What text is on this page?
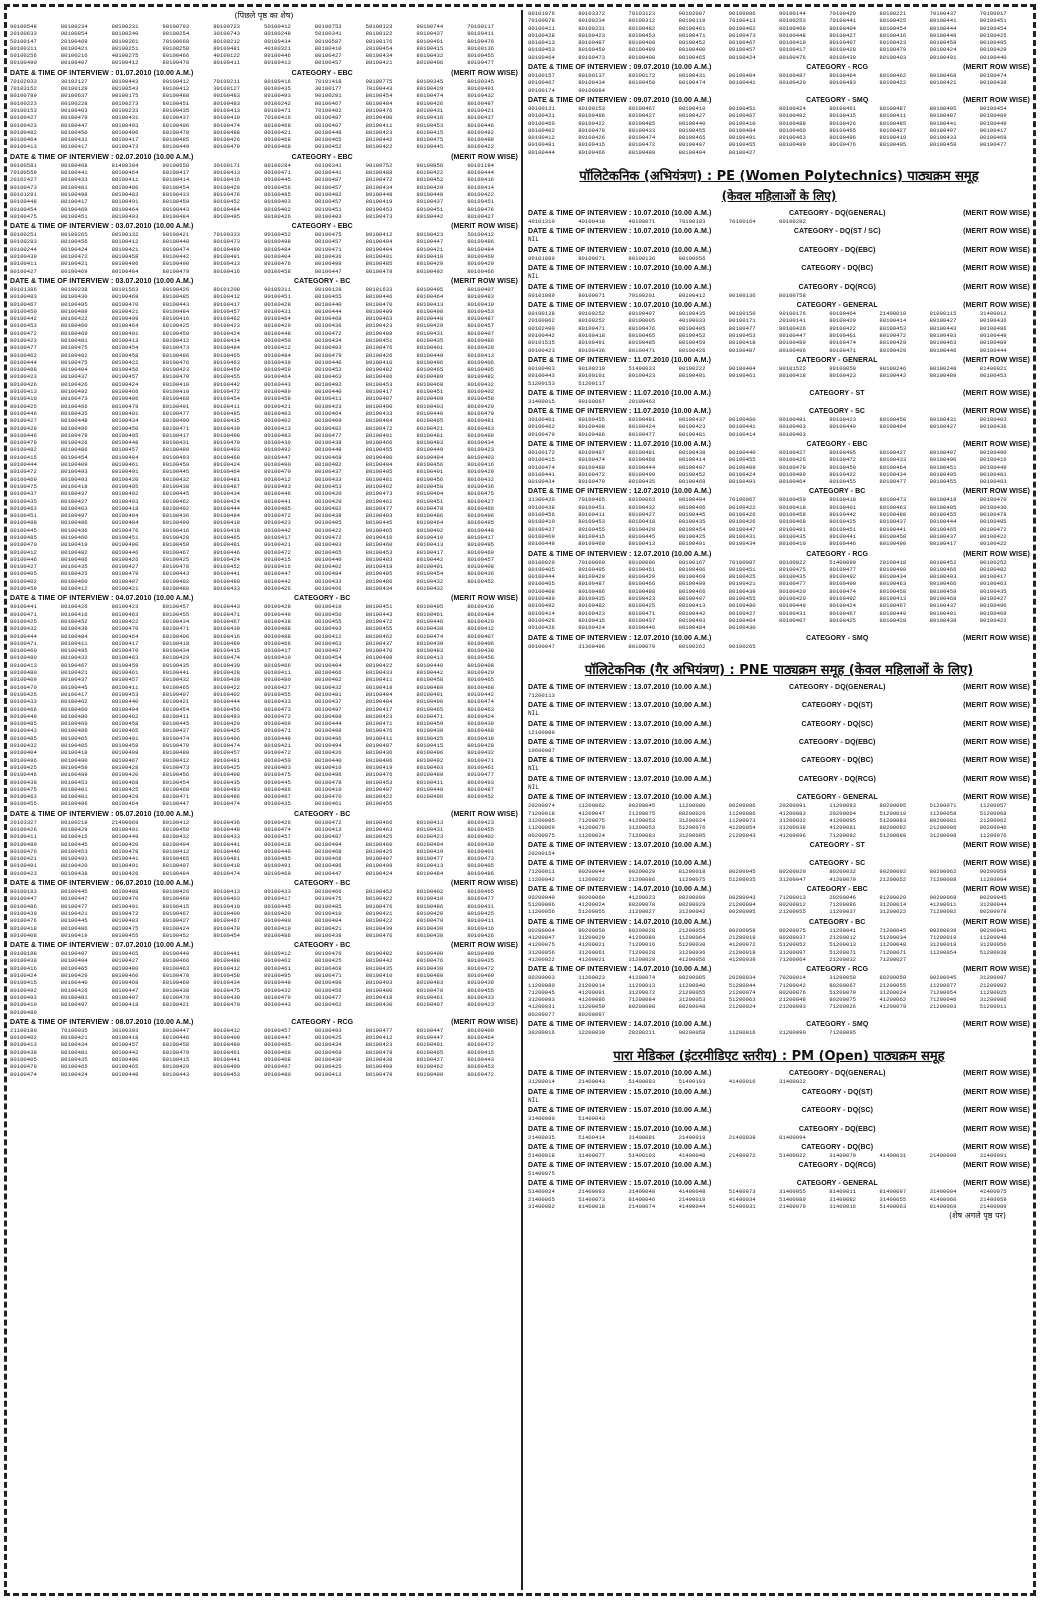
(पिछले पृष्ठ का शेष)
90100548	80100234	80100231	90100793	80100723	50100412	80100753	50100123	90100744	70100117
20100633	90100854	80100240	90100254	30100743	80100248	50100341	80100122	80100437	80100411
50100147	20100469	80100261	70100668	80100212	90100434	80100587	80100176	80100461	80100476
80100311	80100421	80100251	80100258	80100481	40100321	80100410	20100454	80100415	80100136
60100256	80100216	40100275	80100466	40100122	80100446	80100427	80100434	80100432	80100455
80100490	80100407	80100412	80100478	80100411	80100413	80100457	80100421	80100406	80100477
DATE & TIME OF INTERVIEW : 01.07.2010 (10.00 A.M.)	CATEGORY - EBC	(MERIT ROW WISE)
70102033	30102127	80100443	90100412	70100211	80100416	70101418	90100775	80100345	80100345
70103152	80100129	80100543	80100412	30100127	80100435	30100177	70100443	80100429	80100491
80100789	80100637	90100175	80100488	90100483	80100493	90100291	80100454	80100474	80100432
80100223	80100228	80100273	80100451	80100483	80100242	80100467	80100484	80100426	80100497
30100153	90100403	80100233	80100435	80100413	80100471	70100402	80100476	80100431	80100421
80100427	80100479	80100431	80100437	80100419	70100416	80100487	80100490	80100416	80100437
80100423	80100447	80100493	80100496	80100474	80100468	80100407	80100411	80100453	80100446
80100482	80100450	80100496	80100478	80100488	80100421	80100449	80100423	80100415	80100492
80100464	80100431	80100417	80100485	80100426	80100468	80100465	80100442	80100475	80100488
80100413	80100417	80100473	80100449	80100479	80100468	80100452	80100422	80100445	80100422
DATE & TIME OF INTERVIEW : 02.07.2010 (10.00 A.M.)	CATEGORY - EBC	(MERIT ROW WISE)
90100581	90100468	81400304	90100658	30100171	80100284	60100341	90100752	90100856	90101184
70100559	80100441	80100464	80100417	90100413	80100471	80100441	80100488	80100422	80100444
20102427	80100433	80100411	80100414	80100416	80100445	80100487	80100472	80100452	80100416
80100473	80100481	80100486	80100454	80100428	80100456	80100457	80100434	80100420	80100414
80101291	80100408	80100483	80100433	80100476	80100485	80100482	80100448	80100448	80100422
80100448	80100417	80100491	80100459	80100452	80100403	80100457	80100419	80100437	80100451
80100454	80100469	80100464	80100443	80100484	80100402	80100451	80100453	80100451	80100476
80100475	80100451	80100403	80100484	80100495	80100426	80100403	80100473	80100442	80100427
DATE & TIME OF INTERVIEW : 03.07.2010 (10.00 A.M.)	CATEGORY - EBC	(MERIT ROW WISE)
80100251	80100265	80100132	90100421	70100333	90100452	80100475	80100412	80100423	50100412
80100283	80100456	80100412	80100448	80100473	80100498	80100457	80100494	80100447	80100486
80100244	80100424	80100421	80100474	80100489	80100484	80100471	80100404	80100421	80100484
80100439	80100472	80100458	80100442	80100491	80100404	80100436	80100491	80100418	80100469
80100411	80100421	80100406	80100490	80100413	80100476	80100499	80100485	80100429	80100429
80100427	80100469	80100484	80100479	80100416	80100458	80100447	80100478	80100492	80100466
DATE & TIME OF INTERVIEW : 03.07.2010 (10.00 A.M.)	CATEGORY - BC	(MERIT ROW WISE)
80101386	90100238	80101563	80100426	80101208	90100311	80100128	80101633	80100495	80100407
80100483	80100430	80100468	80100485	80100412	80100451	80100455	80100446	80100464	80100483
80100467	80100495	80100470	80100443	80100417	80100428	80100440	80100470	80100413	80100419
80100450	80100489	80100421	80100484	80100457	80100431	80100444	80100409	80100498	80100453
80100442	80100422	80100499	80100416	80100462	80100464	80100468	80100463	80100448	80100487
80100453	80100460	80100464	80100425	80100423	80100429	80100436	80100423	80100429	80100457
80100472	80100469	80100401	80100459	80100424	80100448	80100472	80100489	80100431	80100407
80100423	80100481	80100413	80100412	80100414	80100450	80100434	80100451	80100435	80100486
80100477	80100475	80100454	80100473	80100484	80100412	80100493	80100476	80100401	80100428
80100462	80100402	80100458	80100486	80100465	80100484	80100479	80100426	80100440	80100413
80100444	80100475	80100422	80100476	80100463	80100439	80100446	80100410	80100496	80100406
80100488	80100404	80100456	80100423	80100459	80100459	80100453	80100482	80100465	80100405
80100423	80100437	80100457	80100470	80100455	80100464	80100463	80100496	80100489	80100482
80100426	80100426	80100424	80100410	80100442	80100443	80100492	80100453	80100460	80100432
80100413	80100492	80100466	80100419	80100472	80100489	80100440	80100417	80100451	80100402
80100410	80100473	80100406	80100468	80100454	80100458	80100411	80100487	80100409	80100458
80100425	80100466	80100479	80100491	80100411	80100421	80100423	80100490	80100403	80100429
80100446	80100435	80100481	80100477	80100485	80100403	80100464	80100433	80100440	80100479
80100427	80100448	80100434	80100499	80100435	80100402	80100409	80100484	80100465	80100481
80100429	80100496	80100450	80100471	80100439	80100413	80100482	80100472	80100421	80100463
80100446	80100479	80100405	80100417	80100498	80100483	80100477	80100401	80100481	80100490
80100479	80100426	80100448	80100431	80100479	80100430	80100438	80100466	80100483	80100434
80100482	80100486	80100457	80100489	80100403	80100492	80100448	80100455	80100449	80100423
80100415	80100454	80100484	80100493	80100468	80100447	80100469	80100480	80100494	80100403
80100444	80100409	80100461	80100459	80100424	80100490	80100482	80100404	80100456	80100416
80100472	80100493	80100491	80100445	80100464	80100470	80100437	80100405	80100491	80100420
80100469	80100493	80100420	80100432	80100481	80100412	80100433	80100481	80100456	80100432
80100475	80100418	80100485	80100438	80100487	80100493	80100453	80100462	80100458	80100436
80100437	80100437	80100492	80100445	80100434	80100446	80100420	80100473	80100404	80100475
80100435	80100427	80100403	80100462	80100424	80100441	80100429	80100461	80100451	80100427
80100463	80100463	80100418	80100492	80100444	80100485	80100482	80100477	80100470	80100466
80100451	80100497	80100484	80100436	80100484	80100472	80100438	80100403	80100486	80100496
80100498	80100406	80100484	80100499	80100418	80100423	80100405	80100445	80100464	80100495
80100445	80100436	80100476	80100416	80100418	80100442	80100422	80100465	80100402	80100448
80100485	80100460	80100451	80100428	80100465	80100417	80100472	80100410	80100410	80100417
80100470	80100419	80100480	80100459	80100481	80100421	80100403	80100460	80100413	80100495
80100412	80100482	80100446	80100467	80100446	80100472	80100465	80100453	80100417	80100460
80100446	80100406	80100426	80100425	80100424	80100415	80100440	80100483	80100442	80100457
80100427	80100435	80100427	80100478	80100452	80100416	80100402	80100418	80100491	80100408
80100405	80100425	80100479	80100443	80100441	80100447	80100484	80100495	80100454	80100436
80100402	80100460	80100487	80100402	80100480	80100442	80100433	80100486	80100432	80100452
80100459	80100412	80100421	80100480	80100433	80100426	80100466	80100434	80100432
DATE & TIME OF INTERVIEW : 04.07.2010 (10.00 A.M.)	CATEGORY - BC	(MERIT ROW WISE)
90100441	80100426	80100423	80100457	80100443	80100428	80100419	80100451	80100495	80100436
80100471	80100416	80100463	80100455	80100471	80100449	80100450	80100443	80100461	80100484
80100425	80100452	80100422	80100434	80100467	80100438	80100455	80100472	80100446	80100420
80100432	80100439	80100470	80100471	80100439	80100488	80100493	80100455	80100439	80100412
80100444	80100484	80100464	80100406	80100416	80100488	80100412	80100462	80100474	80100407
80100471	80100411	80100417	80100418	80100480	80100466	80100463	80100437	80100430	80100406
80100460	80100495	80100470	80100434	80100415	80100417	80100487	80100470	80100483	80100438
80100480	80100432	80100463	80100429	80100474	80100410	80100454	80100408	80100413	80100456
80100413	80100467	80100459	80100435	80100430	80100466	80100404	80100422	80100440	80100408
80100480	80100421	80100461	80100441	80100428	80100411	80100466	80100433	80100442	80100420
80100409	80100437	80100457	80100432	80100430	80100480	80100402	80100411	80100458	80100465
80100470	80100445	80100411	80100465	80100422	80100427	80100432	80100418	80100489	80100468
80100425	80100417	80100453	80100407	80100402	80100455	80100481	80100404	80100491	80100442
80100433	80100462	80100440	80100421	80100444	80100433	80100437	80100484	80100490	80100474
80100466	80100460	80100494	80100454	80100456	80100473	80100497	80100417	80100465	80100463
80100449	80100480	80100482	80100411	80100493	80100472	80100489	80100423	80100471	80100424
80100485	80100469	80100458	80100445	80100420	80100409	80100444	80100471	80100459	80100430
80100443	80100489	80100465	80100437	80100425	80100471	80100498	80100476	80100439	80100468
80100485	80100465	80100491	80100474	80100496	80100449	80100496	80100411	80100425	80100418
80100432	80100405	80100459	80100470	80100474	80100421	80100494	80100487	80100415	80100428
80100404	80100418	80100409	80100480	80100457	80100472	80100426	80100436	80100496	80100432
80100496	80100490	80100467	80100412	80100481	80100450	80100440	80100406	80100492	80100471
80100425	80100459	80100428	80100473	80100425	80100403	80100410	80100419	80100403	80100461
80100446	80100489	80100420	80100456	80100408	80100475	80100496	80100476	80100489	80100477
80100438	80100453	80100468	80100454	80100435	80100445	80100478	80100453	80100411	80100493
80100475	80100401	80100425	80100460	80100483	80100486	80100410	80100407	80100448	80100487
80100463	80100401	80100429	80100471	80100486	80100467	80100470	80100422	80100496	80100452
80100455	80100406	80100464	80100447	80100474	80100435	80100461	80100455
DATE & TIME OF INTERVIEW : 05.07.2010 (10.00 A.M.)	CATEGORY - BC	(MERIT ROW WISE)
20103327	80100219	21400069	80100412	80100436	80100426	80100472	80100466	80100413	80100423
80100426	80100429	80100491	80100450	80100448	80100474	80100413	80100463	80100431	80100455
80100411	80100415	80100449	80100432	80100433	80100457	80100487	80100425	80100423	80100402
80100489	80100445	80100420	80100494	80100441	80100418	80100494	80100460	80100494	80100430
80100476	80100453	80100478	80100412	80100446	80100440	80100468	80100425	80100419	80100401
80100421	80100491	80100441	80100465	80100481	80100485	80100468	80100407	80100477	80100473
80100491	80100420	80100491	80100497	80100418	80100491	80100486	80100499	80100413	80100405
80100423	80100438	80100426	80100484	80100474	80100469	80100447	80100424	80100484	80100486
DATE & TIME OF INTERVIEW : 06.07.2010 (10.00 A.M.)	CATEGORY - BC	(MERIT ROW WISE)
80100183	80100445	80100408	80100426	80100413	80100433	80100466	80100452	80100402	80100465
80100447	80100447	80100470	80100460	80100403	80100417	80100475	80100422	80100410	80100477
80100486	80100477	80100491	80100415	80100410	80100445	80100485	80100476	80100486	80100431
80100439	80100421	80100472	80100467	80100409	80100420	80100410	80100421	80100428	80100425
80100476	80100445	80100483	80100427	80100467	80100490	80100404	80100422	80100479	80100411
80100418	80100486	80100475	80100424	80100478	80100419	80100421	80100439	80100430	80100416
80100408	80100419	80100455	80100452	80100454	80100486	80100438	80100476	80100438	80100426
DATE & TIME OF INTERVIEW : 07.07.2010 (10.00 A.M.)	CATEGORY - BC	(MERIT ROW WISE)
80100188	80100497	80100465	80100449	80100441	80100412	80100476	80100482	80100490	80100490
80100439	80100494	80100427	80100466	80100488	80100462	80100425	80100442	80100476	80100425
80100416	80100465	80100480	80100463	80100412	80100461	80100469	80100435	80100438	80100472
80100424	80100429	80100460	80100470	80100458	80100495	80100471	80100410	80100480	80100490
80100415	80100440	80100468	80100460	80100434	80100449	80100499	80100493	80100483	80100439
80100492	80100426	80100447	80100438	80100475	80100432	80100456	80100480	80100478	80100455
80100493	80100481	80100407	80100479	80100430	80100479	80100477	80100418	80100461	80100433
80100410	80100497	80100418	80100421	80100470	80100443	80100462	80100430	80100407	80100423
80100480
DATE & TIME OF INTERVIEW : 08.07.2010 (10.00 A.M.)	CATEGORY - RCG	(MERIT ROW WISE)
21100180	70100035	30100393	80100447	80100412	80100457	80100493	80100477	80100447	80100409
80100402	80100421	80100418	80100446	80100409	80100447	80100425	80100412	80100447	80100464
80100413	80100434	80100457	80100458	80100480	80100495	80100434	80100423	80100491	80100472
80100438	80100481	80100442	80100479	80100461	80100469	80100469	80100479	80100465	80100415
80100405	80100435	80100490	80100415	80100441	80100408	80100430	80100438	80100427	80100443
80100479	80100465	80100465	80100429	80100490	80100497	80100425	80100409	80100462	80100453
80100474	80100424	80100448	80100443	80100453	80100480	80100413	80100479	80100490	80100472
80101076	80103372	70103123	90102007	90100096	90100144	70100429	80100221	70100437	70100017
70100078	90100234	90100312	80100119	70100413	80100253	70100441	80100425	80100441	80100451
80100411	80100231	80100482	80100461	80100462	80100469	80100404	80100454	80100444	80100454
80100428	80100423	80100453	80100471	80100473	80100448	80100427	80100416	80100448	80100425
80100413	80100487	80100409	80100452	80100467	80100419	80100407	80100423	80100458	80100495
80100453	80100450	80100489	80100480	80100457	80100417	80100428	80100479	80100424	80100429
80100464	80100473	80100408	80100465	80100424	80100476	80100439	80100403	80100491	80100440
DATE & TIME OF INTERVIEW : 09.07.2010 (10.00 A.M.)	CATEGORY - RCG	(MERIT ROW WISE)
80100157	80100137	80100172	80100431	80100404	80100487	80100464	80100462	80100468	80100474
80100467	80100434	80100450	80100474	80100441	80100420	80100483	80100422	80100421	80100438
80100174	90100084
DATE & TIME OF INTERVIEW : 09.07.2010 (10.00 A.M.)	CATEGORY - SMQ	(MERIT ROW WISE)
80100131	80100153	80100467	80100410	80100451	80100424	80100461	80100487	80100495	80100454
80100421	80100486	80100427	80100427	80100467	80100492	80100415	80100411	80100487	80100489
80100460	80100422	80100485	80100440	80100410	80100488	80100426	80100485	80100441	80100449
80100402	80100478	80100433	80100455	80100484	80100460	80100465	80100427	80100497	80100417
80100412	80100426	80100474	80100465	80100491	80100463	80100496	80100419	80100433	80100469
80100481	80100415	80100472	80100407	80100455	80100489	80100476	80100405	80100458	80100477
80100444	80100466	80100480	80100404	80100427
पॉलिटेकनिक (अभियंत्रण) : PE (Women Polytechnics) पाठ्यक्रम समूह
(केवल महिलाओं के लिए)
DATE & TIME OF INTERVIEW : 10.07.2010 (10.00 A.M.)	CATEGORY - DQ(GENERAL)	(MERIT ROW WISE)
40101310	40100418	40100071	70100103	70100164	80100282
DATE & TIME OF INTERVIEW : 10.07.2010 (10.00 A.M.)	CATEGORY - DQ(ST / SC)	(MERIT ROW WISE)
NIL
DATE & TIME OF INTERVIEW : 10.07.2010 (10.00 A.M.)	CATEGORY - DQ(EBC)	(MERIT ROW WISE)
80101089	80100071	80100136	80100056
DATE & TIME OF INTERVIEW : 10.07.2010 (10.00 A.M.)	CATEGORY - DQ(BC)	(MERIT ROW WISE)
NIL
DATE & TIME OF INTERVIEW : 10.07.2010 (10.00 A.M.)	CATEGORY - DQ(RCG)	(MERIT ROW WISE)
80101089	80100071	70100201	80100412	80100136	80100758
DATE & TIME OF INTERVIEW : 10.07.2010 (10.00 A.M.)	CATEGORY - GENERAL	(MERIT ROW WISE)
80100138	90100252	80100407	80100435	90100150	90100176	90100464	21400018	81000115	31400012
20100062	80100252	80100005	40100033	80100171	20100141	80100429	80100414	80100427	80100436
80102490	80100471	80100476	80100405	80100477	80100426	80100422	80100453	80100443	80100486
80100442	80100418	80100465	80100452	80100453	80100447	80100461	80100472	80100403	80100448
80101535	80100491	80100485	80100459	80100418	80100489	80100474	80100429	80100463	80100489
80100423	80100436	80100471	80100426	80100407	80100496	80100471	80100429	80100446	80100444
DATE & TIME OF INTERVIEW : 11.07.2010 (10.00 A.M.)	CATEGORY - GENERAL	(MERIT ROW WISE)
80100403	90100219	51400033	80100222	90100404	80101522	80100050	90100246	80100248	81400021
80100443	80100101	80100423	80100401	80100461	80100418	80100423	80100442	80100489	80100453
51200153	51200117
DATE & TIME OF INTERVIEW : 11.07.2010 (10.00 A.M.)	CATEGORY - ST	(MERIT ROW WISE)
31400015	90100067	20100463
DATE & TIME OF INTERVIEW : 11.07.2010 (10.00 A.M.)	CATEGORY - SC	(MERIT ROW WISE)
30100401	80100455	80100481	80100437	80100460	80100491	80100423	80100450	80100431	80100403
80100462	80100408	80100424	80100423	80100441	80100403	80100449	80100494	80100427	80100436
80100479	80100486	80100477	80100481	80100414	80100403
DATE & TIME OF INTERVIEW : 11.07.2010 (10.00 A.M.)	CATEGORY - EBC	(MERIT ROW WISE)
80100172	80100497	80100481	80100438	80100440	80100427	80100405	80100427	80100407	80100490
80100415	80100474	80100468	80100414	80100455	80100426	80100472	80100433	80100490	80100416
80100474	80100488	80100444	80100497	80100409	80100479	80100459	80100464	80100451	80100449
80100441	80100472	80100490	80100452	80100424	80100489	80100422	80100434	80100495	80100481
80100434	80100479	80100435	80100469	80100493	80100464	80100455	80100477	80100455	80100483
DATE & TIME OF INTERVIEW : 12.07.2010 (10.00 A.M.)	CATEGORY - BC	(MERIT ROW WISE)
31300420	70100465	80100063	80100494	70100067	80100459	80100418	80100473	80100418	80100470
80100438	80100451	80100432	80100496	80100422	80100418	80100401	80100463	80100405	80100430
80100456	80100411	80100427	80100445	80100426	80100458	80100442	80100488	80100455	80100478
80100410	80100453	80100418	80100435	80100426	80100468	80100425	80100437	80100444	80100485
80100427	80100455	80100420	80100454	80100447	80100481	80100451	80100441	80100465	80100472
80100469	80100415	80100445	80100425	80100431	80100435	80100441	80100458	80100437	80100422
80100449	80100469	80100413	80100491	80100434	80100410	80100446	80100490	80100417	80100422
DATE & TIME OF INTERVIEW : 12.07.2010 (10.00 A.M.)	CATEGORY - RCG	(MERIT ROW WISE)
80100020	70100069	80100096	80100167	70100087	80100022	51400099	20100418	80100452	80100252
80100405	80100495	80100451	80100496	80100451	80100475	80100477	80100498	80100466	80100482
80100444	80100429	80100429	80100469	80100425	80100435	80100492	80100434	80100493	80100417
80100465	80100487	80100466	80100409	80100421	80100477	80100490	80100463	80100466	80100463
80100408	80100486	80100488	80100466	80100439	80100420	80100474	80100458	80100459	80100435
80100489	80100435	80100423	80100497	80100455	80100420	80100492	80100413	80100468	80100427
80100492	80100482	80100425	80100413	80100490	80100449	80100424	80100467	80100437	80100496
80100414	80100423	80100471	80100442	80100427	80100431	80100467	80100449	80100401	80100469
80100426	80100415	80100437	80100493	80100464	80100407	80100425	80100428	80100438	80100422
80100426	80100424	80100446	80100484	80100430
DATE & TIME OF INTERVIEW : 12.07.2010 (10.00 A.M.)	CATEGORY - SMQ	(MERIT ROW WISE)
80100047	31300496	80100079	80100262	90100265
पॉलिटेकनिक (गैर अभियंत्रण) : PNE पाठ्यक्रम समूह (केवल महिलाओं के लिए)
DATE & TIME OF INTERVIEW : 13.07.2010 (10.00 A.M.)	CATEGORY - DQ(GENERAL)	(MERIT ROW WISE)
71200113
DATE & TIME OF INTERVIEW : 13.07.2010 (10.00 A.M.)	CATEGORY - DQ(ST)	(MERIT ROW WISE)
NIL
DATE & TIME OF INTERVIEW : 13.07.2010 (10.00 A.M.)	CATEGORY - DQ(SC)	(MERIT ROW WISE)
12100089
DATE & TIME OF INTERVIEW : 13.07.2010 (10.00 A.M.)	CATEGORY - DQ(EBC)	(MERIT ROW WISE)
10600087
DATE & TIME OF INTERVIEW : 13.07.2010 (10.00 A.M.)	CATEGORY - DQ(BC)	(MERIT ROW WISE)
NIL
DATE & TIME OF INTERVIEW : 13.07.2010 (10.00 A.M.)	CATEGORY - DQ(RCG)	(MERIT ROW WISE)
NIL
DATE & TIME OF INTERVIEW : 13.07.2010 (10.00 A.M.)	CATEGORY - GENERAL	(MERIT ROW WISE)
20200074	11200062	90200045	11200080	80200096	20200091	11200083	80200095	51200071	11200057
71200018	41200047	21200075	80200026	11200086	41200083	20200064	51200019	11200058	51200068
31200085	71200075	41200053	31200024	11200073	31200032	41200095	51200083	80200081	21200062
11200069	41200079	31200053	51200076	41200054	31200038	41200081	80200082	21200086	80200046
80200075	11200024	71200083	31200095	21200043	41200096	71200082	51200089	31200098	11200076
DATE & TIME OF INTERVIEW : 13.07.2010 (10.00 A.M.)	CATEGORY - ST	(MERIT ROW WISE)
20200154
DATE & TIME OF INTERVIEW : 14.07.2010 (10.00 A.M.)	CATEGORY - SC	(MERIT ROW WISE)
71200011	90200044	90200029	81200018	80200045	80200020	80200032	90200092	80200062	90200058
11200042	11200022	21200086	11200075	51200035	31200047	41200079	21200052	71200088	11200094
DATE & TIME OF INTERVIEW : 14.07.2010 (10.00 A.M.)	CATEGORY - EBC	(MERIT ROW WISE)
80200040	90200060	41200023	80200099	80200043	71200013	20200046	81200020	90200069	80200045
51200086	41200024	80200078	80200029	21200084	80200012	71200086	31200014	41200011	31200044
11200056	51200055	11200027	31200042	80200095	21200055	11200037	31200022	71200082	80200078
DATE & TIME OF INTERVIEW : 14.07.2010 (10.00 A.M.)	CATEGORY - BC	(MERIT ROW WISE)
80200004	90200050	80200028	21200055	80200058	80200075	11200041	71200045	80200039	80200041
41200047	31200029	41200089	11200064	21200018	80200037	21200012	51200034	71200019	11200048
41200075	41200021	71200016	51200038	41200072	51200052	51200013	11200048	31200018	31200056
31200056	31200061	71200028	31200036	21200018	31200097	51200071	71200071	11200054	51200038
41200022	41200021	31200029	41200056	41200039	71200064	21200032	71200027
DATE & TIME OF INTERVIEW : 14.07.2010 (10.00 A.M.)	CATEGORY - RCG	(MERIT ROW WISE)
80200003	11200023	41200074	80200085	20200034	70200014	31200059	80200059	80200045	31200097
11200080	21200014	11200013	11200040	51200044	71200042	80200067	21200055	11200077	21200082
71200045	41200091	31200072	21200055	21200074	80200076	51200079	31200024	71200054	11200025
31200083	41200086	71200084	31200053	51200063	21200048	80200075	41200062	71200046	31200086
41200031	11200059	80200098	80200048	21200024	21200093	71200026	41200079	21200093	51200011
80200077	80200097
DATE & TIME OF INTERVIEW : 14.07.2010 (10.00 A.M.)	CATEGORY - SMQ	(MERIT ROW WISE)
30200016	12200039	20200211	90200058	11200016	21200090	71200095
पारा मेडिकल (इंटरमीडिएट स्तरीय) : PM (Open) पाठ्यक्रम समूह
DATE & TIME OF INTERVIEW : 15.07.2010 (10.00 A.M.)	CATEGORY - DQ(GENERAL)	(MERIT ROW WISE)
31200014	21400043	51400093	51400103	41400016	31400022
DATE & TIME OF INTERVIEW : 15.07.2010 (10.00 A.M.)	CATEGORY - DQ(ST)	(MERIT ROW WISE)
NIL
DATE & TIME OF INTERVIEW : 15.07.2010 (10.00 A.M.)	CATEGORY - DQ(SC)	(MERIT ROW WISE)
31400080	51400043
DATE & TIME OF INTERVIEW : 15.07.2010 (10.00 A.M.)	CATEGORY - DQ(EBC)	(MERIT ROW WISE)
21400035	51400414	31400091	21400019	21400038	81400094
DATE & TIME OF INTERVIEW : 15.07.2010 (10.00 A.M.)	CATEGORY - DQ(BC)	(MERIT ROW WISE)
51400018	31400077	51400103	41400048	21400072	51400022	31400070	41400031	21400099	31400091
DATE & TIME OF INTERVIEW : 15.07.2010 (10.00 A.M.)	CATEGORY - DQ(RCG)	(MERIT ROW WISE)
51400075
DATE & TIME OF INTERVIEW : 15.07.2010 (10.00 A.M.)	CATEGORY - GENERAL	(MERIT ROW WISE)
51400024	21400093	31400048	41400048	51400073	31400055	81400011	81400097	31400004	41400075
21400065	51400073	81400046	21400019	41400034	51400089	31400082	31400055	41400060	21400059
31400082	81400018	21400074	41400044	51400031	21400079	31400016	51400063	81400069	21400089
(शेष अगले पृष्ठ पर)
